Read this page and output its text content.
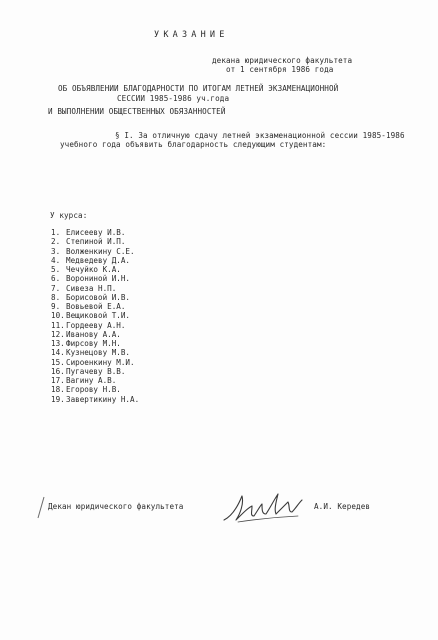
УКАЗАНИЕ
декана юридического факультета
от 1 сентября 1986 года
ОБ ОБЪЯВЛЕНИИ БЛАГОДАРНОСТИ ПО ИТОГАМ ЛЕТНЕЙ ЭКЗАМЕНАЦИОННОЙ
СЕССИИ 1985-1986 уч.года
И ВЫПОЛНЕНИИ ОБЩЕСТВЕННЫХ ОБЯЗАННОСТЕЙ
§ I. За отличную сдачу летней экзаменационной сессии 1985-1986
учебного года объявить благодарность следующим студентам:
У курса:
1. Елисееву И.В.
2. Степиной И.П.
3. Волженкину С.Е.
4. Медведеву Д.А.
5. Чечуйко К.А.
6. Ворониной И.Н.
7. Сивеза Н.П.
8. Борисовой И.В.
9. Вовьевой Е.А.
10.Вещиковой Т.И.
11.Гордееву А.Н.
12.Иванову А.А.
13.Фирсову М.Н.
14.Кузнецову М.В.
15.Сироенкину М.И.
16.Пугачеву В.В.
17.Вагину А.В.
18.Егорову Н.В.
19.Завертикину Н.А.
Декан юридического факультета	А.И. Кередев
